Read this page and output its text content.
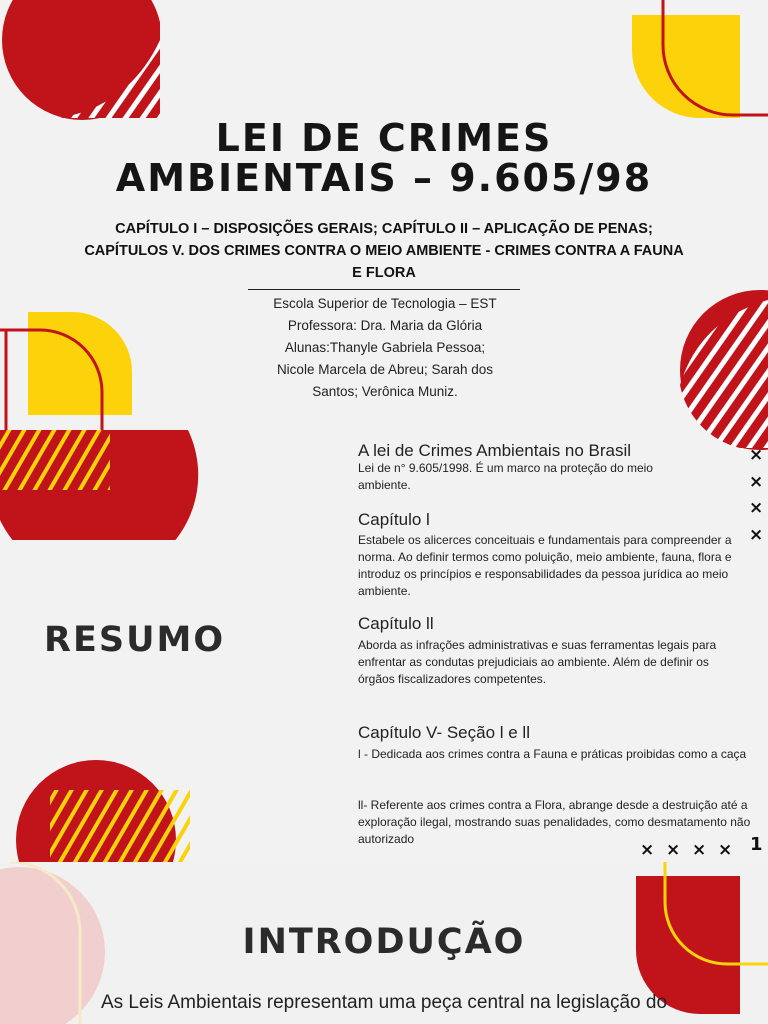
LEI DE CRIMES
AMBIENTAIS – 9.605/98
CAPÍTULO I – DISPOSIÇÕES GERAIS; CAPÍTULO II – APLICAÇÃO DE PENAS; CAPÍTULOS V. DOS CRIMES CONTRA O MEIO AMBIENTE - CRIMES CONTRA A FAUNA E FLORA
Escola Superior de Tecnologia – EST
Professora: Dra. Maria da Glória
Alunas:Thanyle Gabriela Pessoa;
Nicole Marcela de Abreu; Sarah dos
Santos; Verônica Muniz.
RESUMO
A lei de Crimes Ambientais no Brasil
Lei de n° 9.605/1998. É um marco na proteção do meio ambiente.
Capítulo l
Estabele os alicerces conceituais e fundamentais para compreender a norma. Ao definir termos como poluição, meio ambiente, fauna, flora e introduz os princípios e responsabilidades da pessoa jurídica ao meio ambiente.
Capítulo ll
Aborda as infrações administrativas e suas ferramentas legais para enfrentar as condutas prejudiciais ao ambiente. Além de definir os órgãos fiscalizadores competentes.
Capítulo V- Seção l e ll
l - Dedicada aos crimes contra a Fauna e práticas proibidas como a caça
ll- Referente aos crimes contra a Flora, abrange desde a destruição até a exploração ilegal, mostrando suas penalidades, como desmatamento não autorizado
×
×
×
×
× × × × 1
INTRODUÇÃO
As Leis Ambientais representam uma peça central na legislação do
